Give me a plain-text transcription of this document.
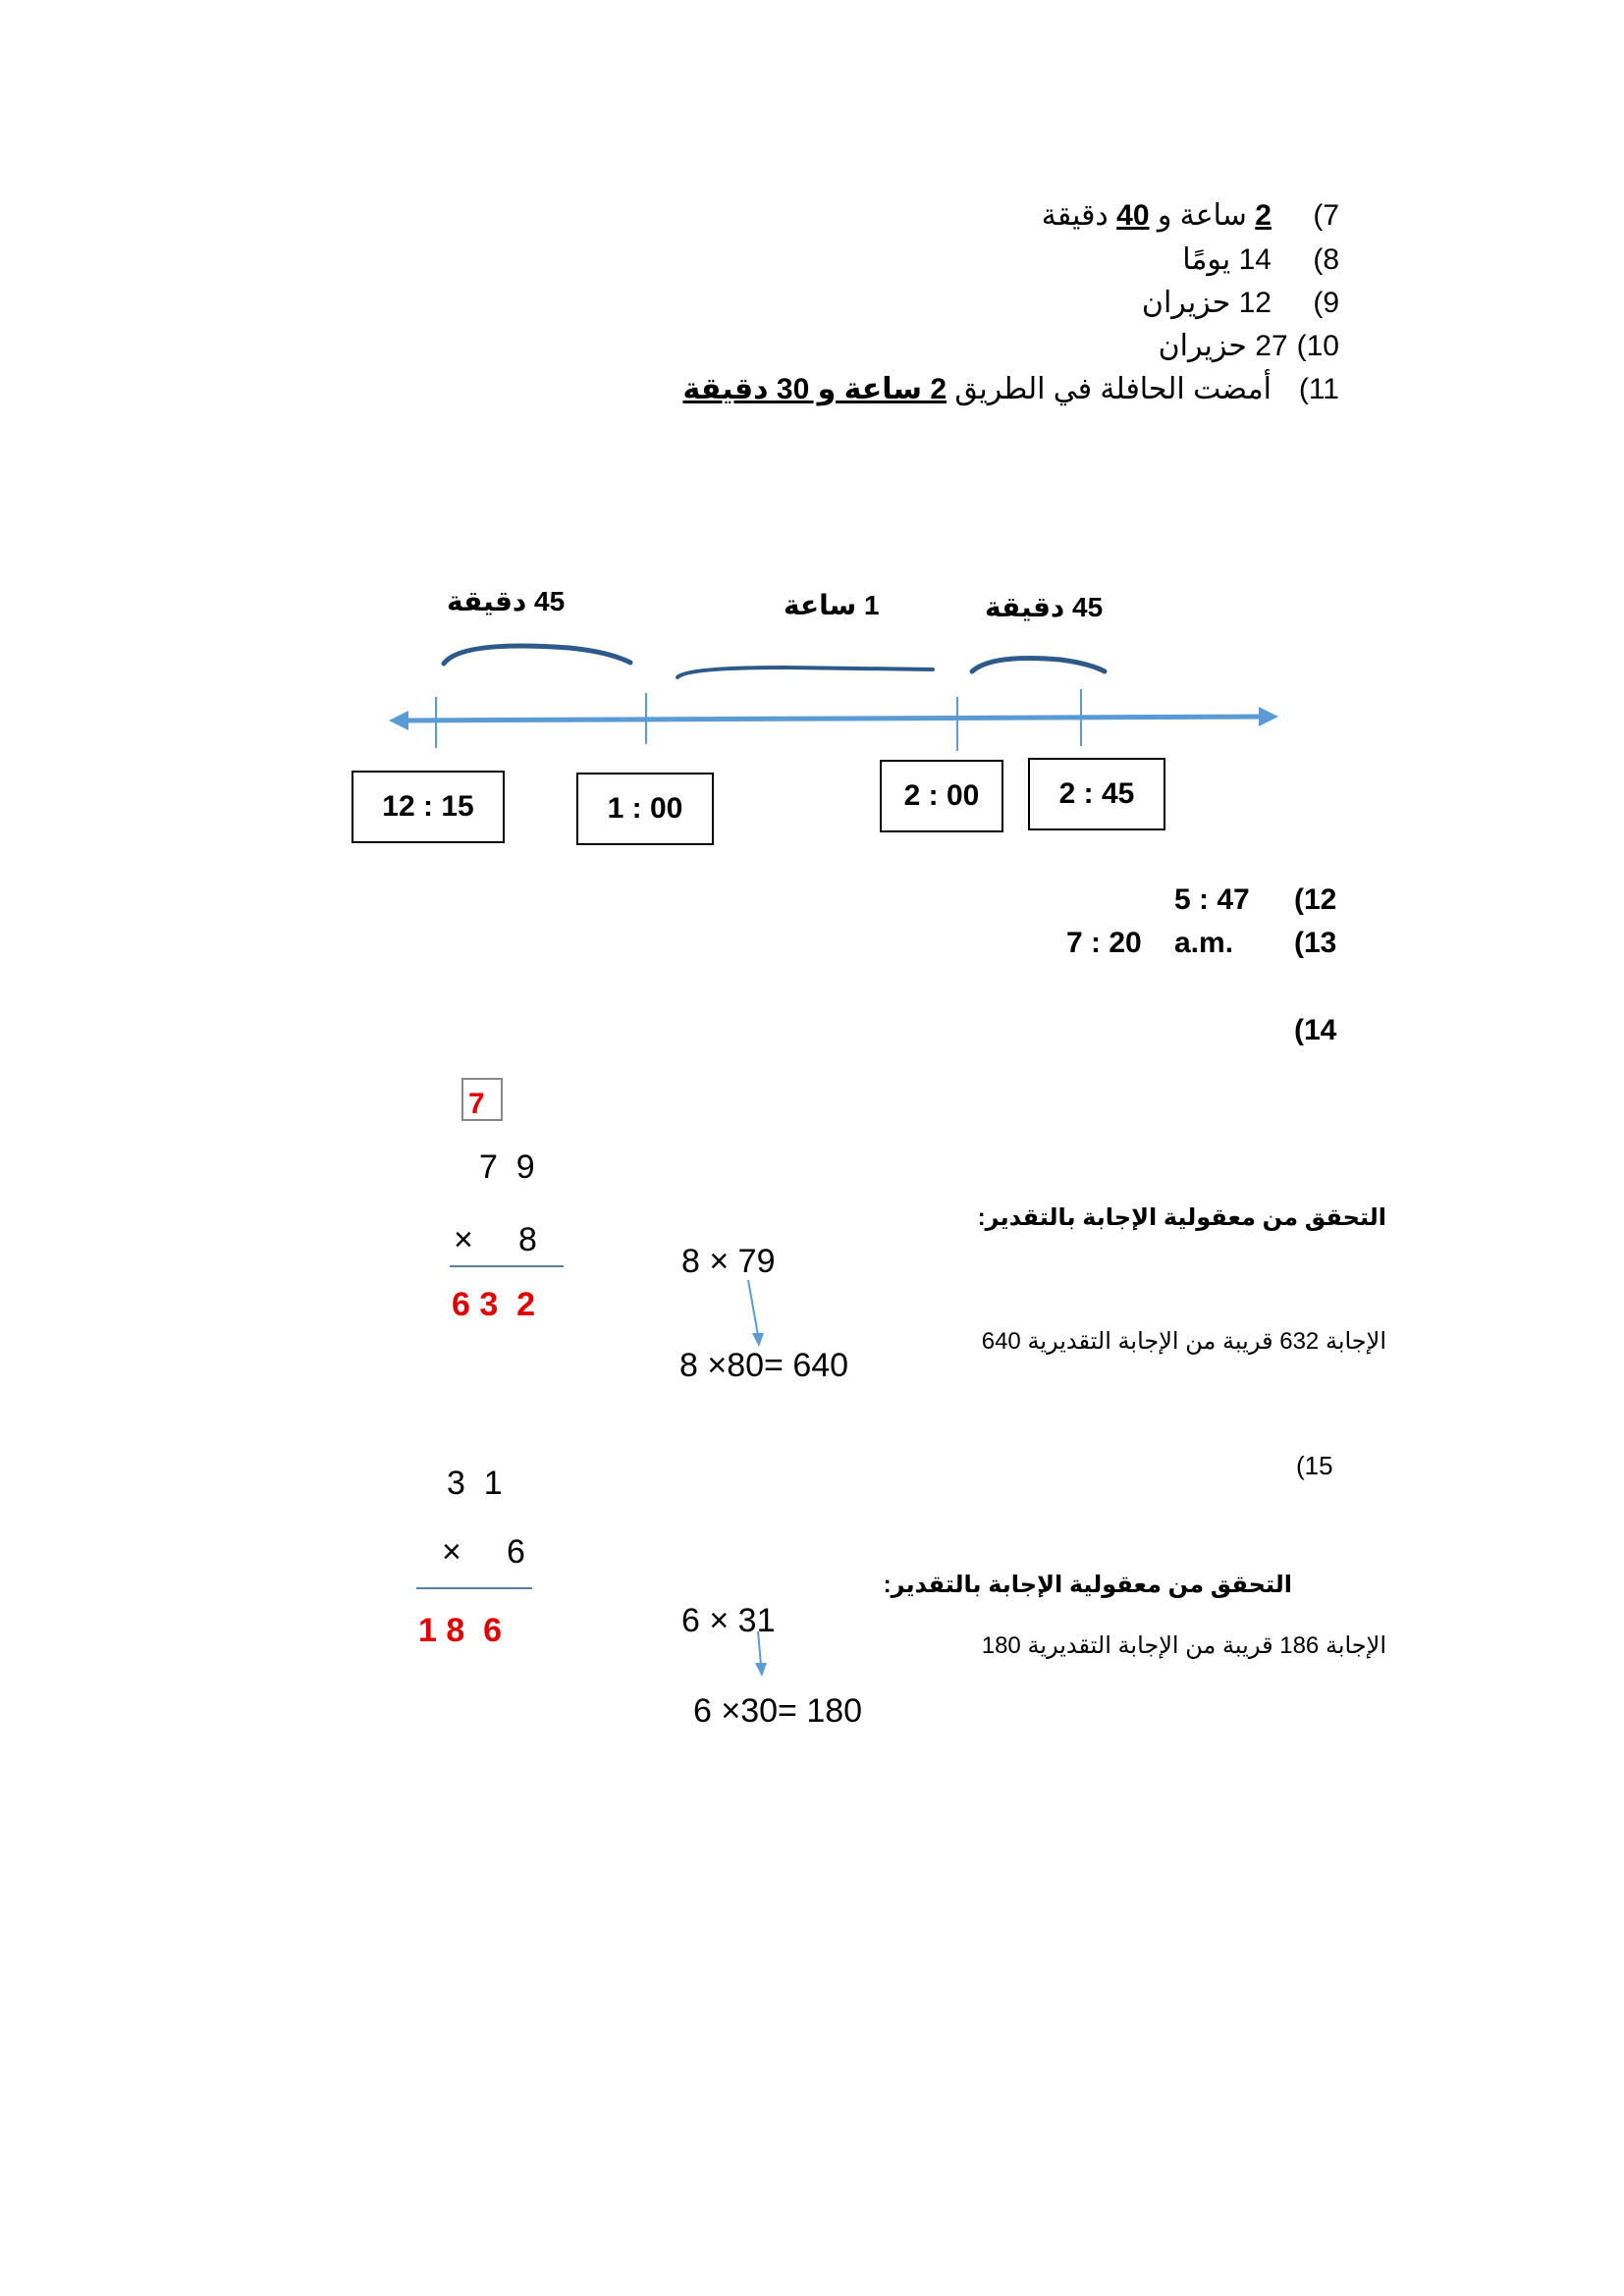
7)   2 ساعة و 40 دقيقة
8)   14 يومًا
9)   12 حزيران
10) 27 حزيران
11)   أمضت الحافلة في الطريق 2 ساعة و 30 دقيقة
45 دقيقة	1 ساعة	45 دقيقة
12 : 15	1 : 00	2 : 00	2 : 45
(12
5 : 47
(13
7 : 20 a.m.
(14
7
7  9
× 8
6 3  2
8 × 79
8 ×80= 640
التحقق من معقولية الإجابة بالتقدير:
الإجابة 632 قريبة من الإجابة التقديرية 640
(15
3  1
× 6
1 8  6	6 × 31
6 ×30= 180
التحقق من معقولية الإجابة بالتقدير:
الإجابة 186 قريبة من الإجابة التقديرية 180
